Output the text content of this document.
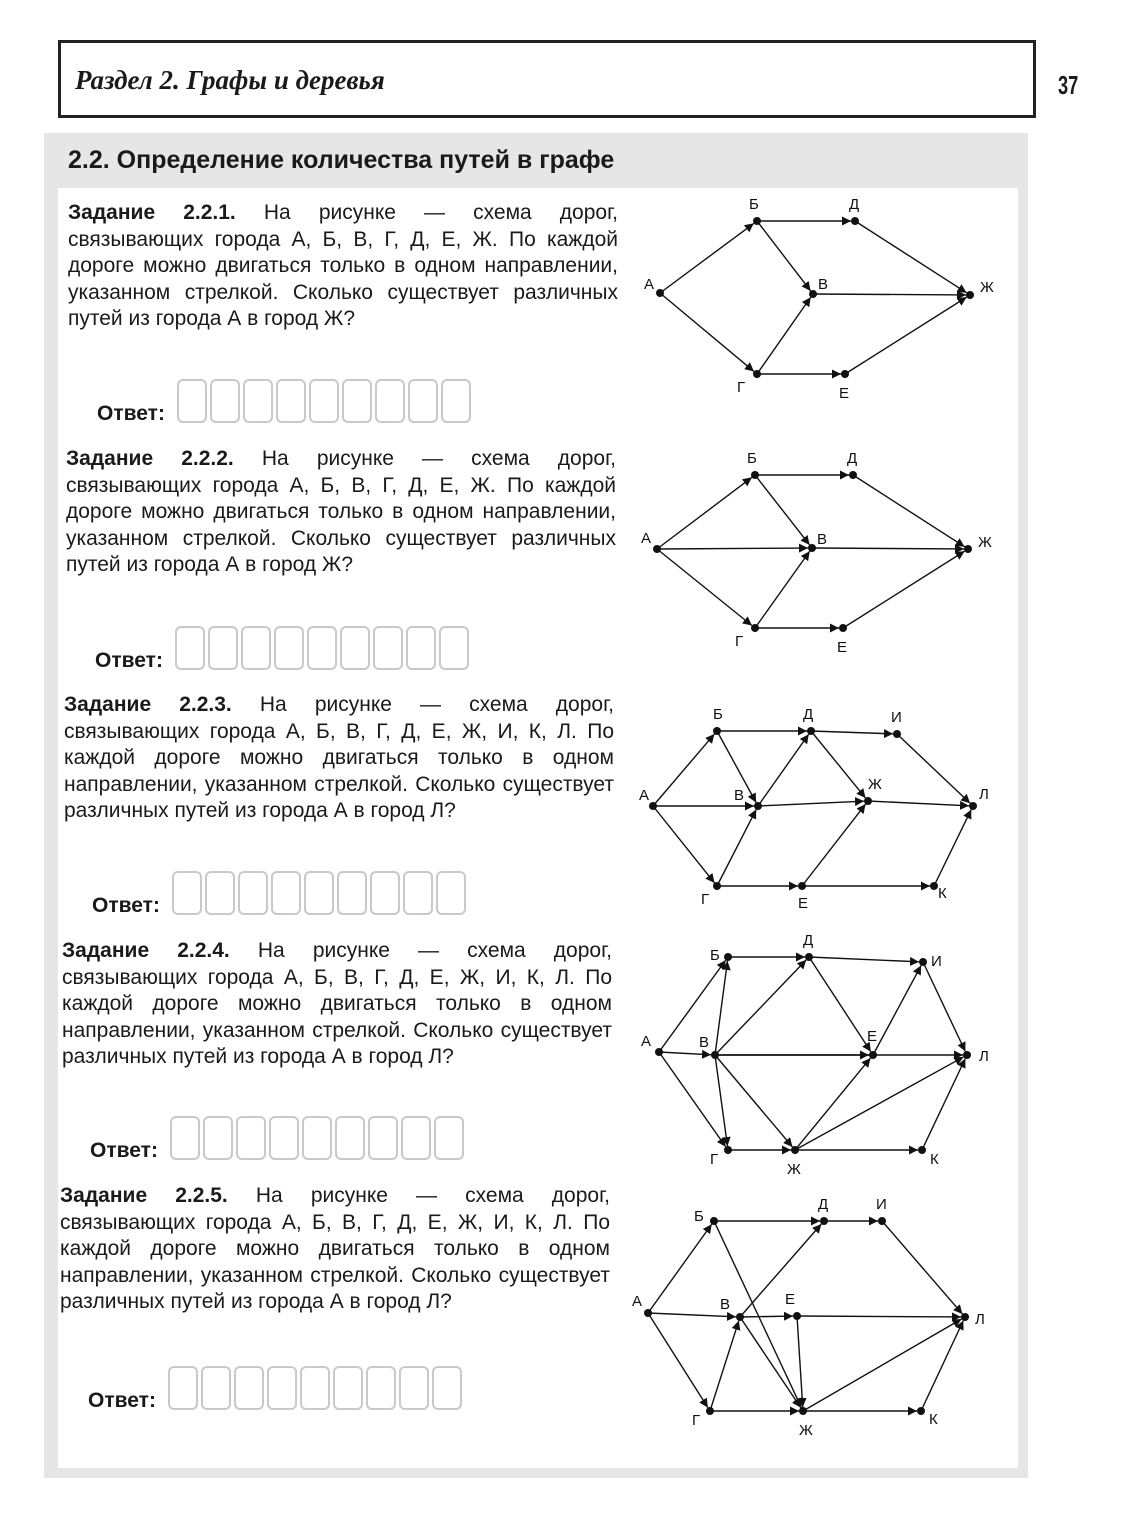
Раздел 2. Графы и деревья	37
2.2. Определение количества путей в графе
Задание 2.2.1. На рисунке — схема дорог, связывающих города А, Б, В, Г, Д, Е, Ж. По каждой дороге можно двигаться только в одном направлении, указанном стрелкой. Сколько существует различных путей из города А в город Ж?
Ответ:
Задание 2.2.2. На рисунке — схема дорог, связывающих города А, Б, В, Г, Д, Е, Ж. По каждой дороге можно двигаться только в одном направлении, указанном стрелкой. Сколько существует различных путей из города А в город Ж?
Ответ:
Задание 2.2.3. На рисунке — схема дорог, связывающих города А, Б, В, Г, Д, Е, Ж, И, К, Л. По каждой дороге можно двигаться только в одном направлении, указанном стрелкой. Сколько существует различных путей из города А в город Л?
Ответ:
Задание 2.2.4. На рисунке — схема дорог, связывающих города А, Б, В, Г, Д, Е, Ж, И, К, Л. По каждой дороге можно двигаться только в одном направлении, указанном стрелкой. Сколько существует различных путей из города А в город Л?
Ответ:
Задание 2.2.5. На рисунке — схема дорог, связывающих города А, Б, В, Г, Д, Е, Ж, И, К, Л. По каждой дороге можно двигаться только в одном направлении, указанном стрелкой. Сколько существует различных путей из города А в город Л?
Ответ:
А
Б
В
Г
Д
Е
Ж
А
Б
В
Г
Д
Е
Ж
А
Б
В
Г
Д
Е
Ж
И
К
Л
А
Б
В
Г
Д
Е
Ж
И
К
Л
А
Б
В
Г
Д
Е
Ж
И
К
Л
